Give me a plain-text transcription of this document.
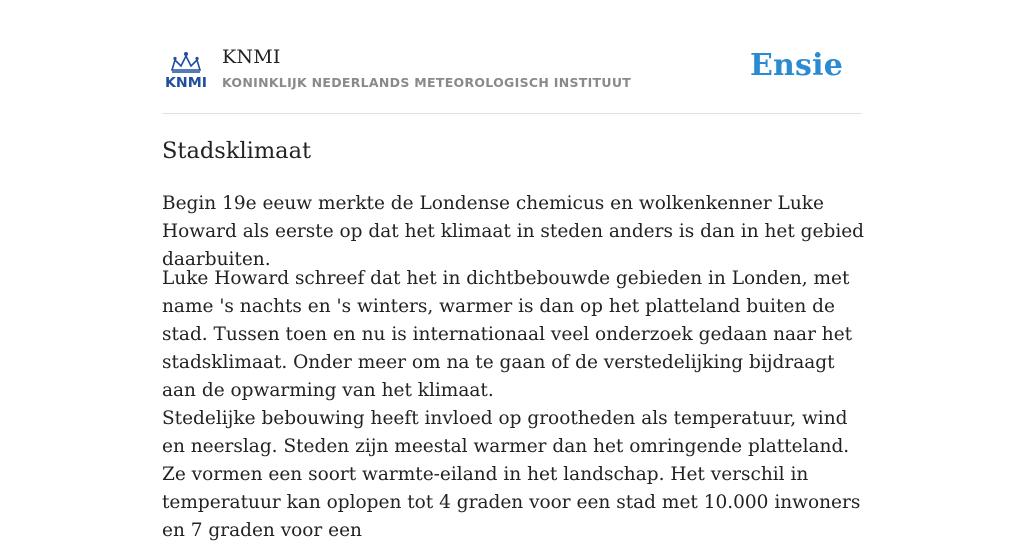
KNMI
KNMI
KONINKLIJK NEDERLANDS METEOROLOGISCH INSTITUUT	Ensie
Stadsklimaat

Begin 19e eeuw merkte de Londense chemicus en wolkenkenner Luke Howard als eerste op dat het klimaat in steden anders is dan in het gebied daarbuiten.

Luke Howard schreef dat het in dichtbebouwde gebieden in Londen, met name 's nachts en 's winters, warmer is dan op het platteland buiten de stad. Tussen toen en nu is internationaal veel onderzoek gedaan naar het stadsklimaat. Onder meer om na te gaan of de verstedelijking bijdraagt aan de opwarming van het klimaat.

Stedelijke bebouwing heeft invloed op grootheden als temperatuur, wind en neerslag. Steden zijn meestal warmer dan het omringende platteland. Ze vormen een soort warmte-eiland in het landschap. Het verschil in temperatuur kan oplopen tot 4 graden voor een stad met 10.000 inwoners en 7 graden voor een
